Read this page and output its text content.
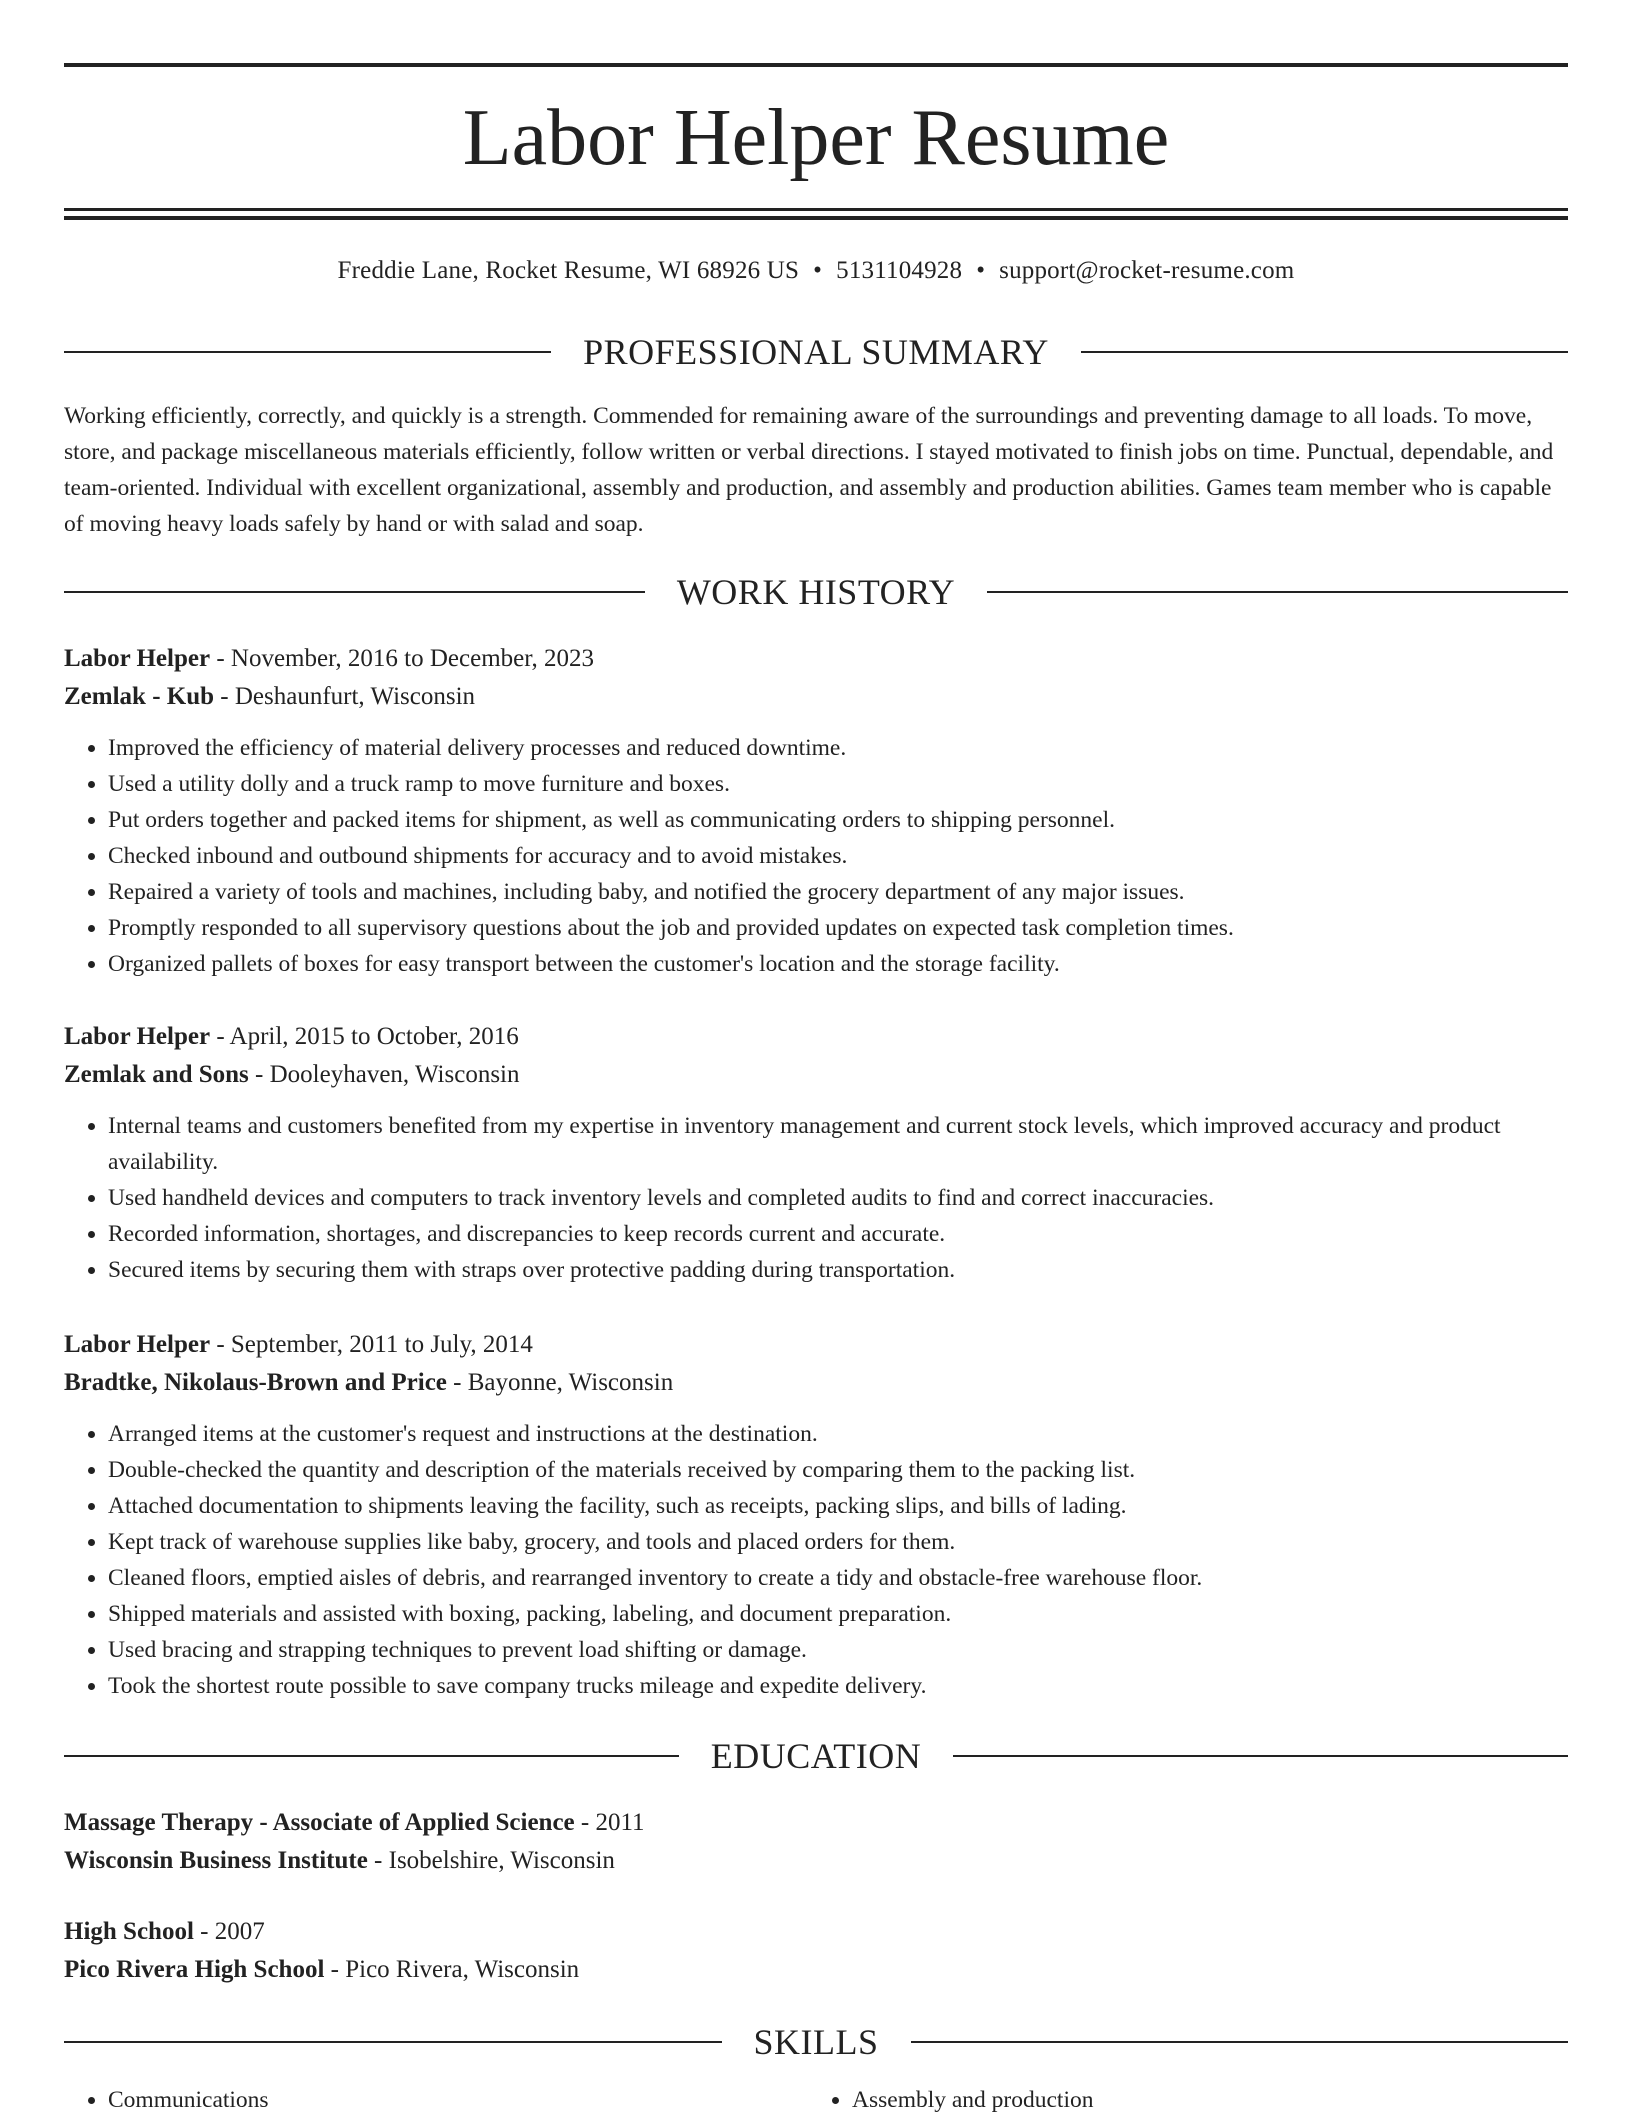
Labor Helper Resume
Freddie Lane, Rocket Resume, WI 68926 US • 5131104928 • support@rocket-resume.com
PROFESSIONAL SUMMARY

Working efficiently, correctly, and quickly is a strength. Commended for remaining aware of the surroundings and preventing damage to all loads. To move, store, and package miscellaneous materials efficiently, follow written or verbal directions. I stayed motivated to finish jobs on time. Punctual, dependable, and team-oriented. Individual with excellent organizational, assembly and production, and assembly and production abilities. Games team member who is capable of moving heavy loads safely by hand or with salad and soap.

WORK HISTORY

Labor Helper - November, 2016 to December, 2023

Zemlak - Kub - Deshaunfurt, Wisconsin

• Improved the efficiency of material delivery processes and reduced downtime.
• Used a utility dolly and a truck ramp to move furniture and boxes.
• Put orders together and packed items for shipment, as well as communicating orders to shipping personnel.
• Checked inbound and outbound shipments for accuracy and to avoid mistakes.
• Repaired a variety of tools and machines, including baby, and notified the grocery department of any major issues.
• Promptly responded to all supervisory questions about the job and provided updates on expected task completion times.
• Organized pallets of boxes for easy transport between the customer's location and the storage facility.

Labor Helper - April, 2015 to October, 2016

Zemlak and Sons - Dooleyhaven, Wisconsin

• Internal teams and customers benefited from my expertise in inventory management and current stock levels, which improved accuracy and product availability.
• Used handheld devices and computers to track inventory levels and completed audits to find and correct inaccuracies.
• Recorded information, shortages, and discrepancies to keep records current and accurate.
• Secured items by securing them with straps over protective padding during transportation.

Labor Helper - September, 2011 to July, 2014

Bradtke, Nikolaus-Brown and Price - Bayonne, Wisconsin

• Arranged items at the customer's request and instructions at the destination.
• Double-checked the quantity and description of the materials received by comparing them to the packing list.
• Attached documentation to shipments leaving the facility, such as receipts, packing slips, and bills of lading.
• Kept track of warehouse supplies like baby, grocery, and tools and placed orders for them.
• Cleaned floors, emptied aisles of debris, and rearranged inventory to create a tidy and obstacle-free warehouse floor.
• Shipped materials and assisted with boxing, packing, labeling, and document preparation.
• Used bracing and strapping techniques to prevent load shifting or damage.
• Took the shortest route possible to save company trucks mileage and expedite delivery.
EDUCATION

Massage Therapy - Associate of Applied Science - 2011

Wisconsin Business Institute - Isobelshire, Wisconsin

High School - 2007

Pico Rivera High School - Pico Rivera, Wisconsin

SKILLS
• Communications
•	Assembly and production
